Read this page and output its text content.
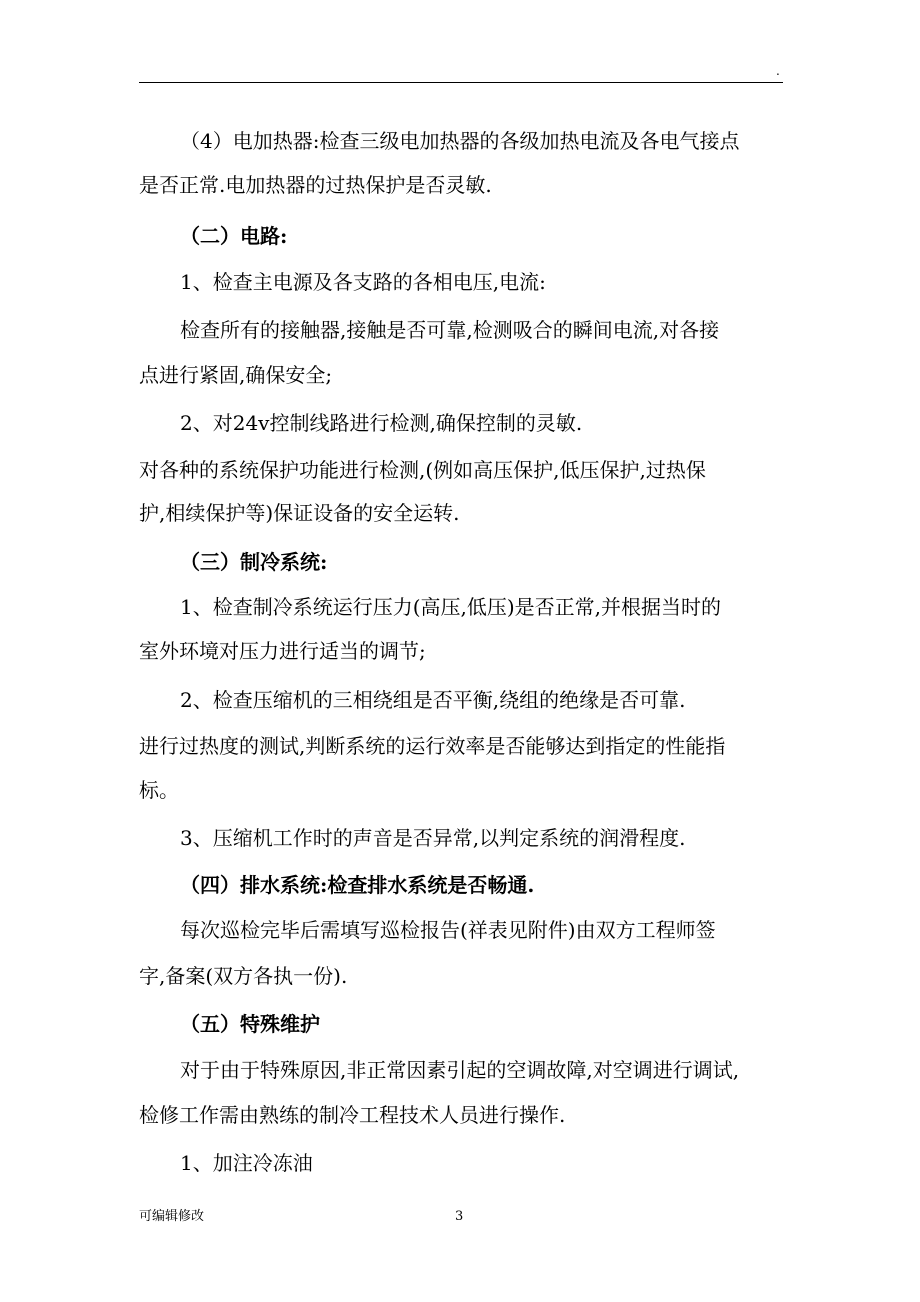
.
（4）电加热器:检查三级电加热器的各级加热电流及各电气接点
是否正常.电加热器的过热保护是否灵敏.
（二）电路:
1、检查主电源及各支路的各相电压,电流:
检查所有的接触器,接触是否可靠,检测吸合的瞬间电流,对各接
点进行紧固,确保安全;
2、对24v控制线路进行检测,确保控制的灵敏.
对各种的系统保护功能进行检测,(例如高压保护,低压保护,过热保
护,相续保护等)保证设备的安全运转.
（三）制冷系统:
1、检查制冷系统运行压力(高压,低压)是否正常,并根据当时的
室外环境对压力进行适当的调节;
2、检查压缩机的三相绕组是否平衡,绕组的绝缘是否可靠.
进行过热度的测试,判断系统的运行效率是否能够达到指定的性能指
标。
3、压缩机工作时的声音是否异常,以判定系统的润滑程度.
（四）排水系统:检查排水系统是否畅通.
每次巡检完毕后需填写巡检报告(祥表见附件)由双方工程师签
字,备案(双方各执一份).
（五）特殊维护
对于由于特殊原因,非正常因素引起的空调故障,对空调进行调试,
检修工作需由熟练的制冷工程技术人员进行操作.
1、加注冷冻油
可编辑修改	3
